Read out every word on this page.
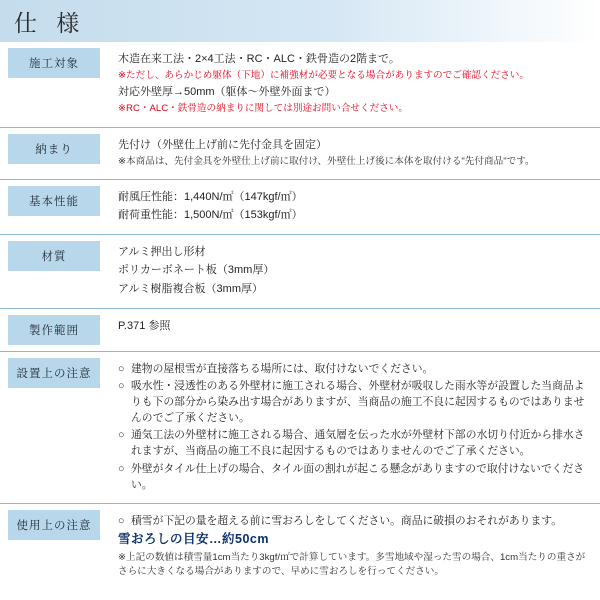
仕 様
施工対象	木造在来工法・2×4工法・RC・ALC・鉄骨造の2階まで。

※ただし、あらかじめ躯体（下地）に補強材が必要となる場合がありますのでご確認ください。

対応外壁厚→50mm（躯体～外壁外面まで）

※RC・ALC・鉄骨造の納まりに関しては別途お問い合せください。

納まり	先付け（外壁仕上げ前に先付金具を固定）

※本商品は、先付金具を外壁仕上げ前に取付け、外壁仕上げ後に本体を取付ける"先付商品"です。

基本性能	耐風圧性能：1,440N/㎡（147kgf/㎡）

耐荷重性能：1,500N/㎡（153kgf/㎡）

材質	アルミ押出し形材

ポリカーボネート板（3mm厚）

アルミ樹脂複合板（3mm厚）

製作範囲	P.371 参照

設置上の注意	○ 建物の屋根雪が直接落ちる場所には、取付けないでください。

○ 吸水性・浸透性のある外壁材に施工される場合、外壁材が吸収した雨水等が設置した当商品よりも下の部分から染み出す場合がありますが、当商品の施工不良に起因するものではありませんのでご了承ください。

○ 通気工法の外壁材に施工される場合、通気層を伝った水が外壁材下部の水切り付近から排水されますが、当商品の施工不良に起因するものではありませんのでご了承ください。

○ 外壁がタイル仕上げの場合、タイル面の割れが起こる懸念がありますので取付けないでください。

使用上の注意	○ 積雪が下記の量を超える前に雪おろしをしてください。商品に破損のおそれがあります。

雪おろしの目安…約50cm

※上記の数値は積雪量1cm当たり3kgf/㎡で計算しています。多雪地域や湿った雪の場合、1cm当たりの重さがさらに大きくなる場合がありますので、早めに雪おろしを行ってください。
